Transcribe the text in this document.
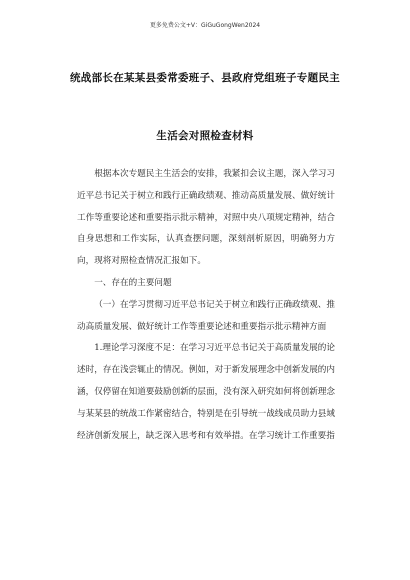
更多免费公文+V：GiGuGongWen2024
统战部长在某某县委常委班子、县政府党组班子专题民主
生活会对照检查材料

根据本次专题民主生活会的安排，我紧扣会议主题，深入学习习近平总书记关于树立和践行正确政绩观、推动高质量发展、做好统计工作等重要论述和重要指示批示精神，对照中央八项规定精神，结合自身思想和工作实际，认真查摆问题，深刻剖析原因，明确努力方向，现将对照检查情况汇报如下。

一、存在的主要问题

（一）在学习贯彻习近平总书记关于树立和践行正确政绩观、推动高质量发展、做好统计工作等重要论述和重要指示批示精神方面

1.理论学习深度不足：在学习习近平总书记关于高质量发展的论述时，存在浅尝辄止的情况。例如，对于新发展理念中创新发展的内涵，仅停留在知道要鼓励创新的层面，没有深入研究如何将创新理念与某某县的统战工作紧密结合，特别是在引导统一战线成员助力县域经济创新发展上，缺乏深入思考和有效举措。在学习统计工作重要指
